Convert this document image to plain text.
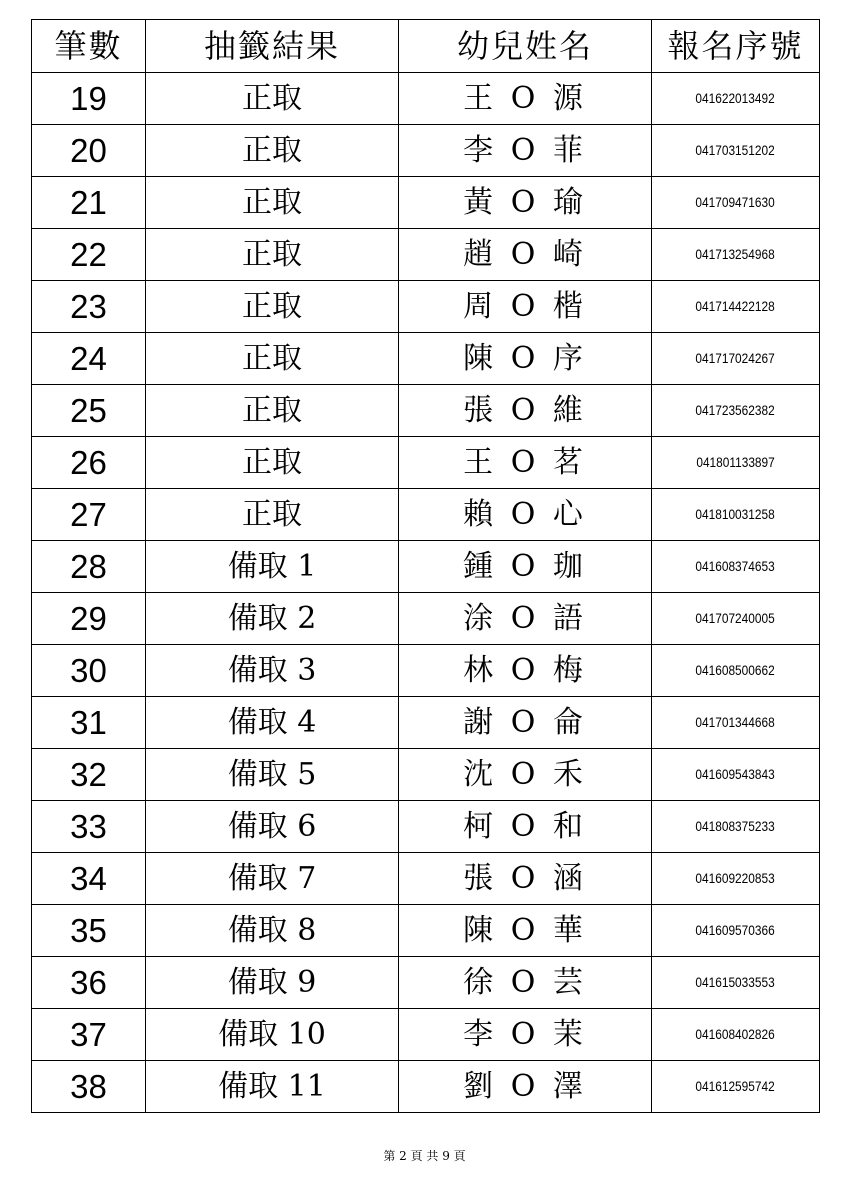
筆數	抽籤結果	幼兒姓名	報名序號
19	正取	王 O 源	041622013492
20	正取	李 O 菲	041703151202
21	正取	黃 O 瑜	041709471630
22	正取	趙 O 崎	041713254968
23	正取	周 O 楷	041714422128
24	正取	陳 O 序	041717024267
25	正取	張 O 維	041723562382
26	正取	王 O 茗	041801133897
27	正取	賴 O 心	041810031258
28	備取 1	鍾 O 珈	041608374653
29	備取 2	涂 O 語	041707240005
30	備取 3	林 O 梅	041608500662
31	備取 4	謝 O 侖	041701344668
32	備取 5	沈 O 禾	041609543843
33	備取 6	柯 O 和	041808375233
34	備取 7	張 O 涵	041609220853
35	備取 8	陳 O 華	041609570366
36	備取 9	徐 O 芸	041615033553
37	備取 10	李 O 茉	041608402826
38	備取 11	劉 O 澤	041612595742
第 2 頁 共 9 頁
